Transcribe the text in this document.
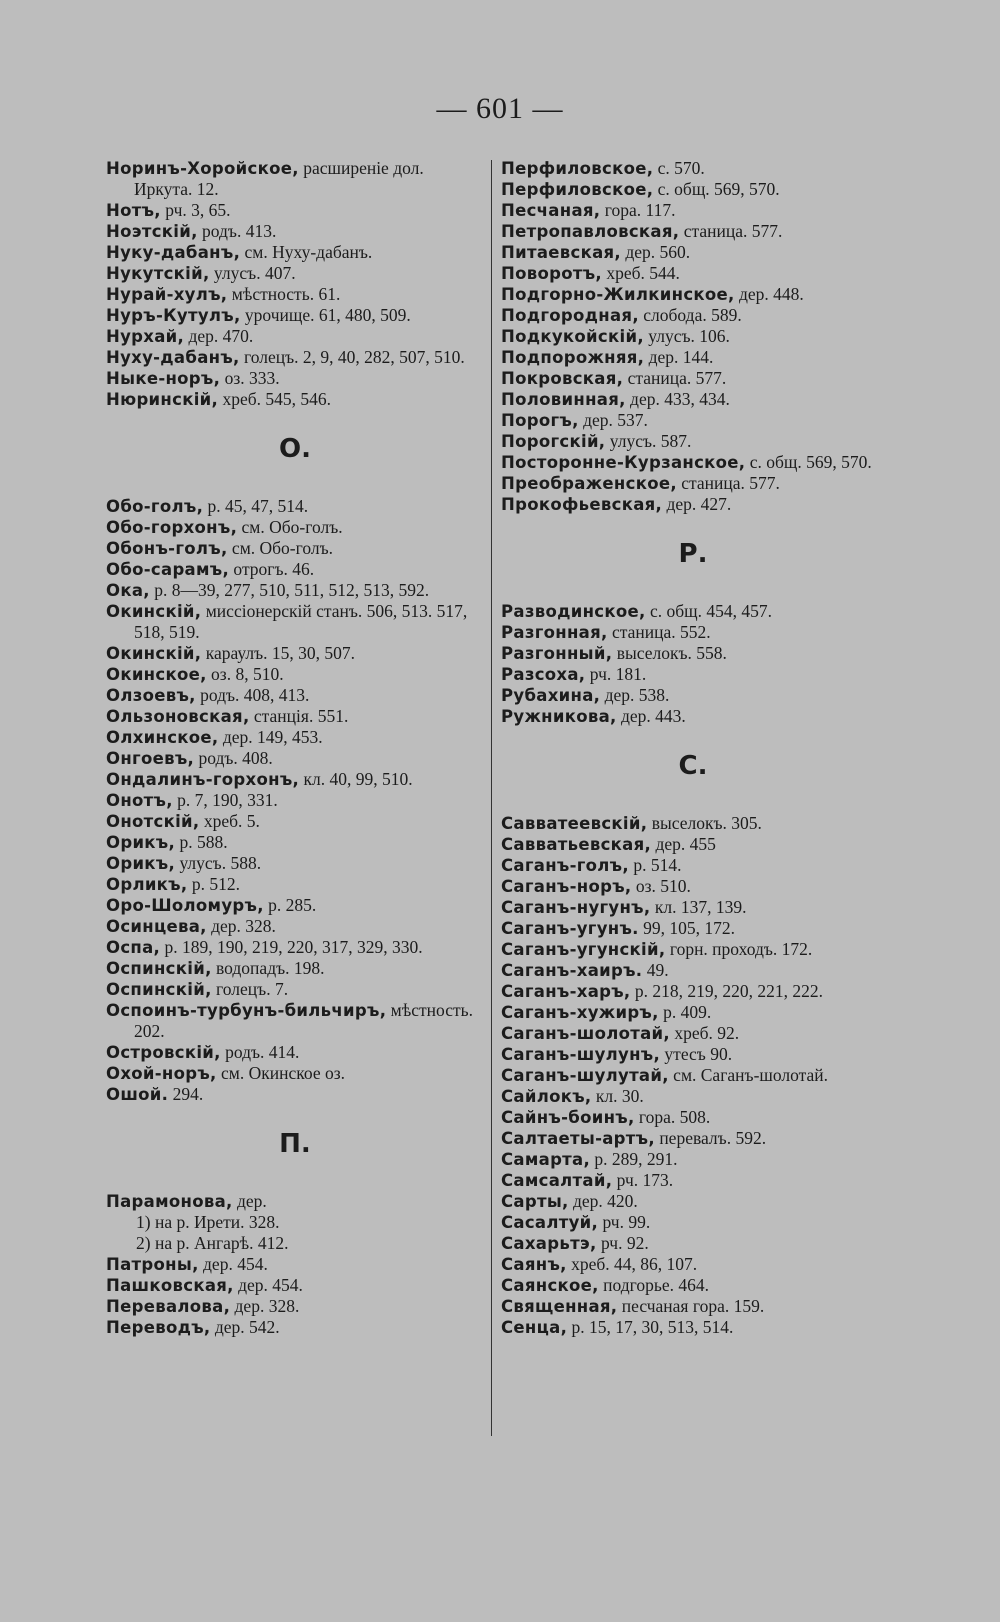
— 601 —
Норинъ-Хоройское, расширеніе дол. Иркута. 12.
Нотъ, рч. 3, 65.
Ноэтскій, родъ. 413.
Нуку-дабанъ, см. Нуху-дабанъ.
Нукутскій, улусъ. 407.
Нурай-хулъ, мѣстность. 61.
Нуръ-Кутулъ, урочище. 61, 480, 509.
Нурхай, дер. 470.
Нуху-дабанъ, голецъ. 2, 9, 40, 282, 507, 510.
Ныке-норъ, оз. 333.
Нюринскій, хреб. 545, 546.
О.
Обо-голъ, р. 45, 47, 514.
Обо-горхонъ, см. Обо-голъ.
Обонъ-голъ, см. Обо-голъ.
Обо-сарамъ, отрогъ. 46.
Ока, р. 8—39, 277, 510, 511, 512, 513, 592.
Окинскій, миссіонерскій станъ. 506, 513. 517, 518, 519.
Окинскій, караулъ. 15, 30, 507.
Окинское, оз. 8, 510.
Олзоевъ, родъ. 408, 413.
Ользоновская, станція. 551.
Олхинское, дер. 149, 453.
Онгоевъ, родъ. 408.
Ондалинъ-горхонъ, кл. 40, 99, 510.
Онотъ, р. 7, 190, 331.
Онотскій, хреб. 5.
Орикъ, р. 588.
Орикъ, улусъ. 588.
Орликъ, р. 512.
Оро-Шоломуръ, р. 285.
Осинцева, дер. 328.
Оспа, р. 189, 190, 219, 220, 317, 329, 330.
Оспинскій, водопадъ. 198.
Оспинскій, голецъ. 7.
Оспоинъ-турбунъ-бильчиръ, мѣстность. 202.
Островскій, родъ. 414.
Охой-норъ, см. Окинское оз.
Ошой. 294.
П.
Парамонова, дер.
1) на р. Ирети. 328.
2) на р. Ангарѣ. 412.
Патроны, дер. 454.
Пашковская, дер. 454.
Перевалова, дер. 328.
Переводъ, дер. 542.
Перфиловское, с. 570.
Перфиловское, с. общ. 569, 570.
Песчаная, гора. 117.
Петропавловская, станица. 577.
Питаевская, дер. 560.
Поворотъ, хреб. 544.
Подгорно-Жилкинское, дер. 448.
Подгородная, слобода. 589.
Подкукойскій, улусъ. 106.
Подпорожняя, дер. 144.
Покровская, станица. 577.
Половинная, дер. 433, 434.
Порогъ, дер. 537.
Порогскій, улусъ. 587.
Посторонне-Курзанское, с. общ. 569, 570.
Преображенское, станица. 577.
Прокофьевская, дер. 427.
Р.
Разводинское, с. общ. 454, 457.
Разгонная, станица. 552.
Разгонный, выселокъ. 558.
Разсоха, рч. 181.
Рубахина, дер. 538.
Ружникова, дер. 443.
С.
Савватеевскій, выселокъ. 305.
Савватьевская, дер. 455
Саганъ-голъ, р. 514.
Саганъ-норъ, оз. 510.
Саганъ-нугунъ, кл. 137, 139.
Саганъ-угунъ. 99, 105, 172.
Саганъ-угунскій, горн. проходъ. 172.
Саганъ-хаиръ. 49.
Саганъ-харъ, р. 218, 219, 220, 221, 222.
Саганъ-хужиръ, р. 409.
Саганъ-шолотай, хреб. 92.
Саганъ-шулунъ, утесъ 90.
Саганъ-шулутай, см. Саганъ-шолотай.
Сайлокъ, кл. 30.
Сайнъ-боинъ, гора. 508.
Салтаеты-артъ, перевалъ. 592.
Самарта, р. 289, 291.
Самсалтай, рч. 173.
Сарты, дер. 420.
Сасалтуй, рч. 99.
Сахарьтэ, рч. 92.
Саянъ, хреб. 44, 86, 107.
Саянское, подгорье. 464.
Священная, песчаная гора. 159.
Сенца, р. 15, 17, 30, 513, 514.
